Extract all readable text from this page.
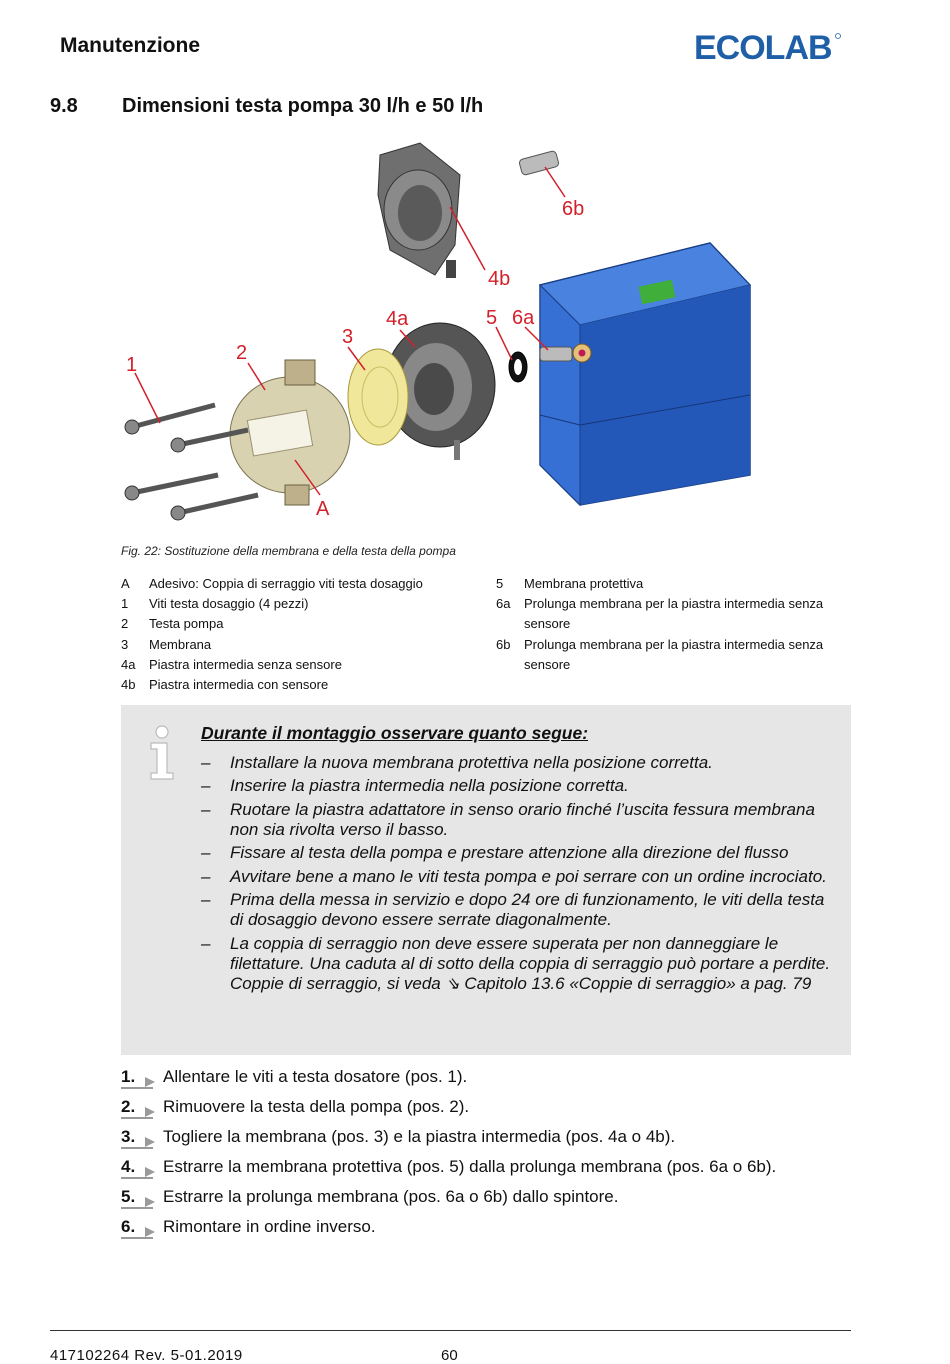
Manutenzione	ECOLAB
9.8 Dimensioni testa pompa 30 l/h e 50 l/h
1
2
3
4a
4b
5 6a
6b
A
Fig. 22: Sostituzione della membrana e della testa della pompa
A	Adesivo: Coppia di serraggio viti testa dosaggio
1	Viti testa dosaggio (4 pezzi)
2	Testa pompa
3	Membrana
4a	Piastra intermedia senza sensore
4b	Piastra intermedia con sensore
5	Membrana protettiva
6a	Prolunga membrana per la piastra intermedia senza sensore
6b	Prolunga membrana per la piastra intermedia senza sensore
Durante il montaggio osservare quanto segue:
– Installare la nuova membrana protettiva nella posizione corretta.
– Inserire la piastra intermedia nella posizione corretta.
– Ruotare la piastra adattatore in senso orario finché l’uscita fessura membrana non sia rivolta verso il basso.
– Fissare al testa della pompa e prestare attenzione alla direzione del flusso
– Avvitare bene a mano le viti testa pompa e poi serrare con un ordine incrociato.
– Prima della messa in servizio e dopo 24 ore di funzionamento, le viti della testa di dosaggio devono essere serrate diagonalmente.
– La coppia di serraggio non deve essere superata per non danneggiare le filettature. Una caduta al di sotto della coppia di serraggio può portare a perdite. Coppie di serraggio, si veda ⇘ Capitolo 13.6 «Coppie di serraggio» a pag. 79
1.	Allentare le viti a testa dosatore (pos. 1).
2.	Rimuovere la testa della pompa (pos. 2).
3.	Togliere la membrana (pos. 3) e la piastra intermedia (pos. 4a o 4b).
4.	Estrarre la membrana protettiva (pos. 5) dalla prolunga membrana (pos. 6a o 6b).
5.	Estrarre la prolunga membrana (pos. 6a o 6b) dallo spintore.
6.	Rimontare in ordine inverso.
417102264 Rev. 5-01.2019	60
